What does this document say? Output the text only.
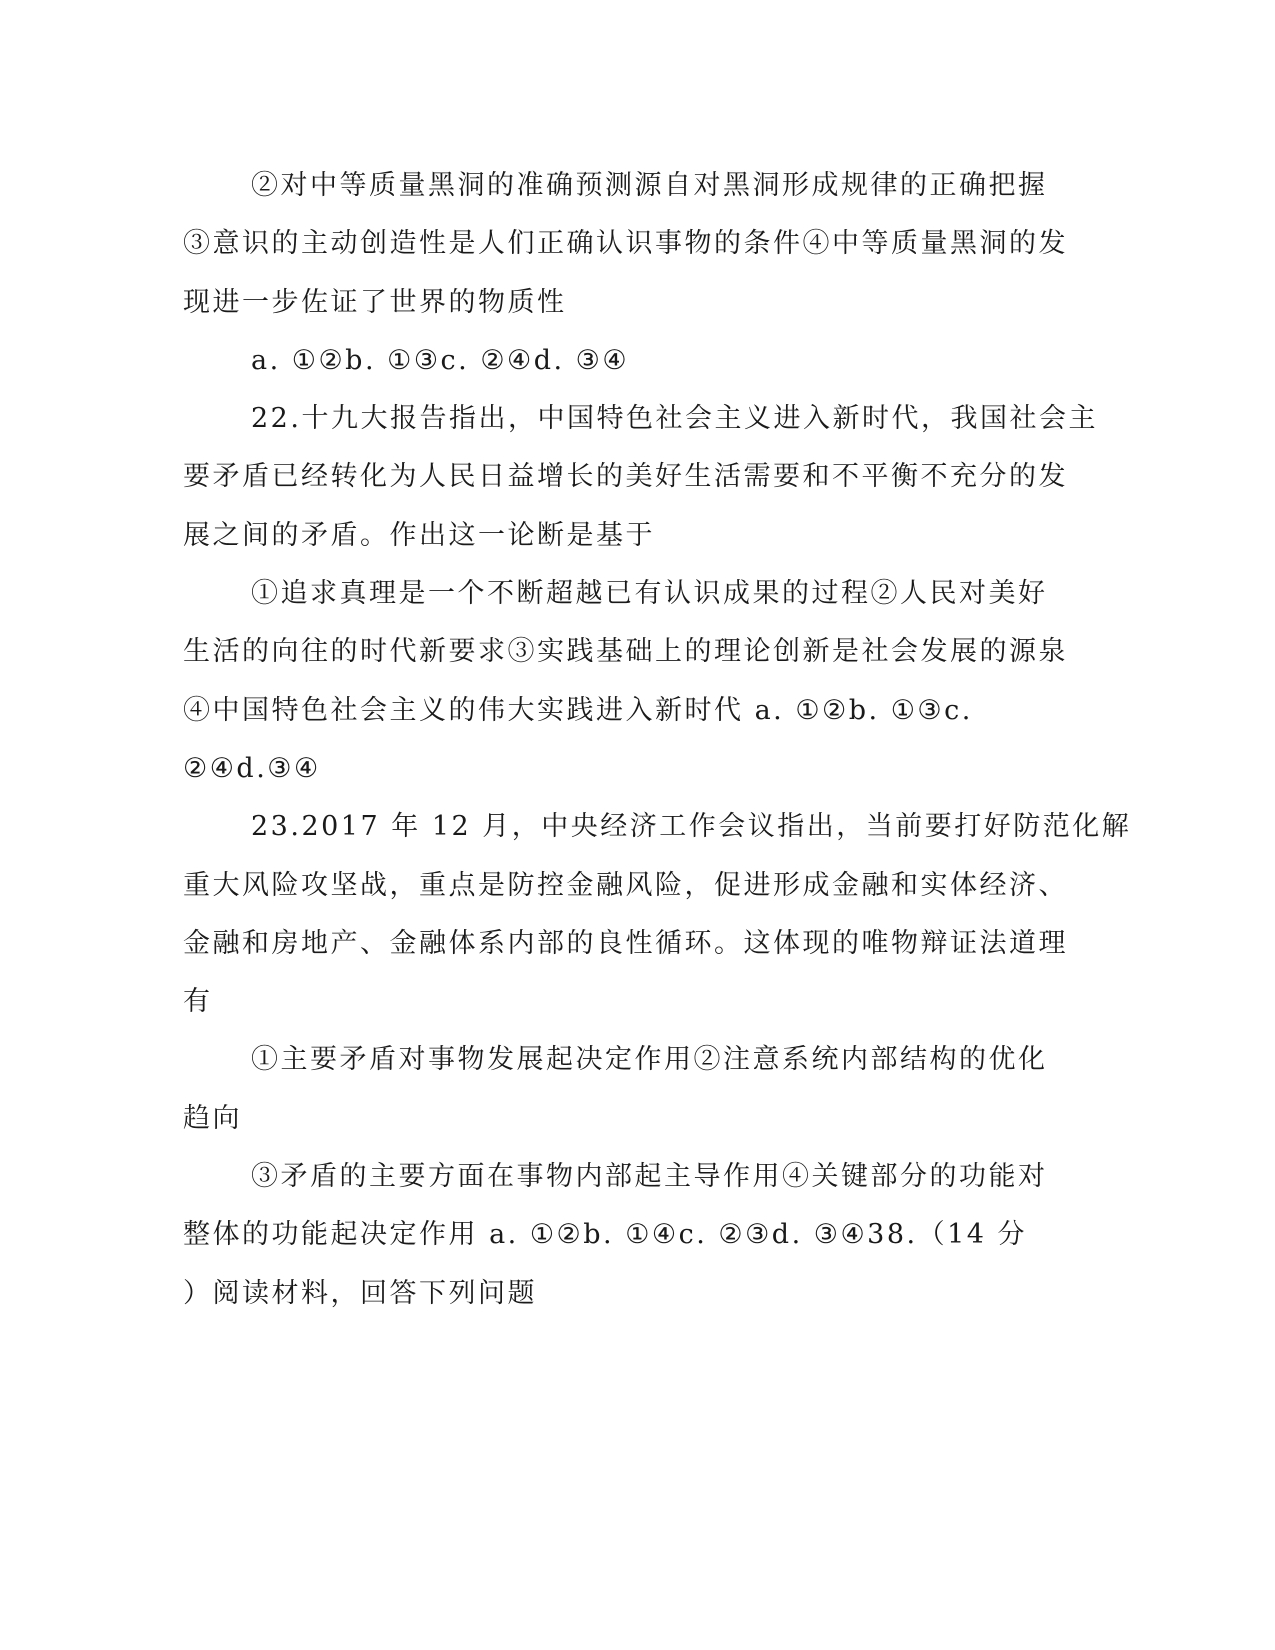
②对中等质量黑洞的准确预测源自对黑洞形成规律的正确把握
③意识的主动创造性是人们正确认识事物的条件④中等质量黑洞的发
现进一步佐证了世界的物质性
a. ①②b. ①③c. ②④d. ③④
22.十九大报告指出，中国特色社会主义进入新时代，我国社会主
要矛盾已经转化为人民日益增长的美好生活需要和不平衡不充分的发
展之间的矛盾。作出这一论断是基于
①追求真理是一个不断超越已有认识成果的过程②人民对美好
生活的向往的时代新要求③实践基础上的理论创新是社会发展的源泉
④中国特色社会主义的伟大实践进入新时代 a. ①②b. ①③c.
②④d.③④
23.2017 年 12 月，中央经济工作会议指出，当前要打好防范化解
重大风险攻坚战，重点是防控金融风险，促进形成金融和实体经济、
金融和房地产、金融体系内部的良性循环。这体现的唯物辩证法道理
有
①主要矛盾对事物发展起决定作用②注意系统内部结构的优化
趋向
③矛盾的主要方面在事物内部起主导作用④关键部分的功能对
整体的功能起决定作用 a. ①②b. ①④c. ②③d. ③④38.（14 分
）阅读材料，回答下列问题
